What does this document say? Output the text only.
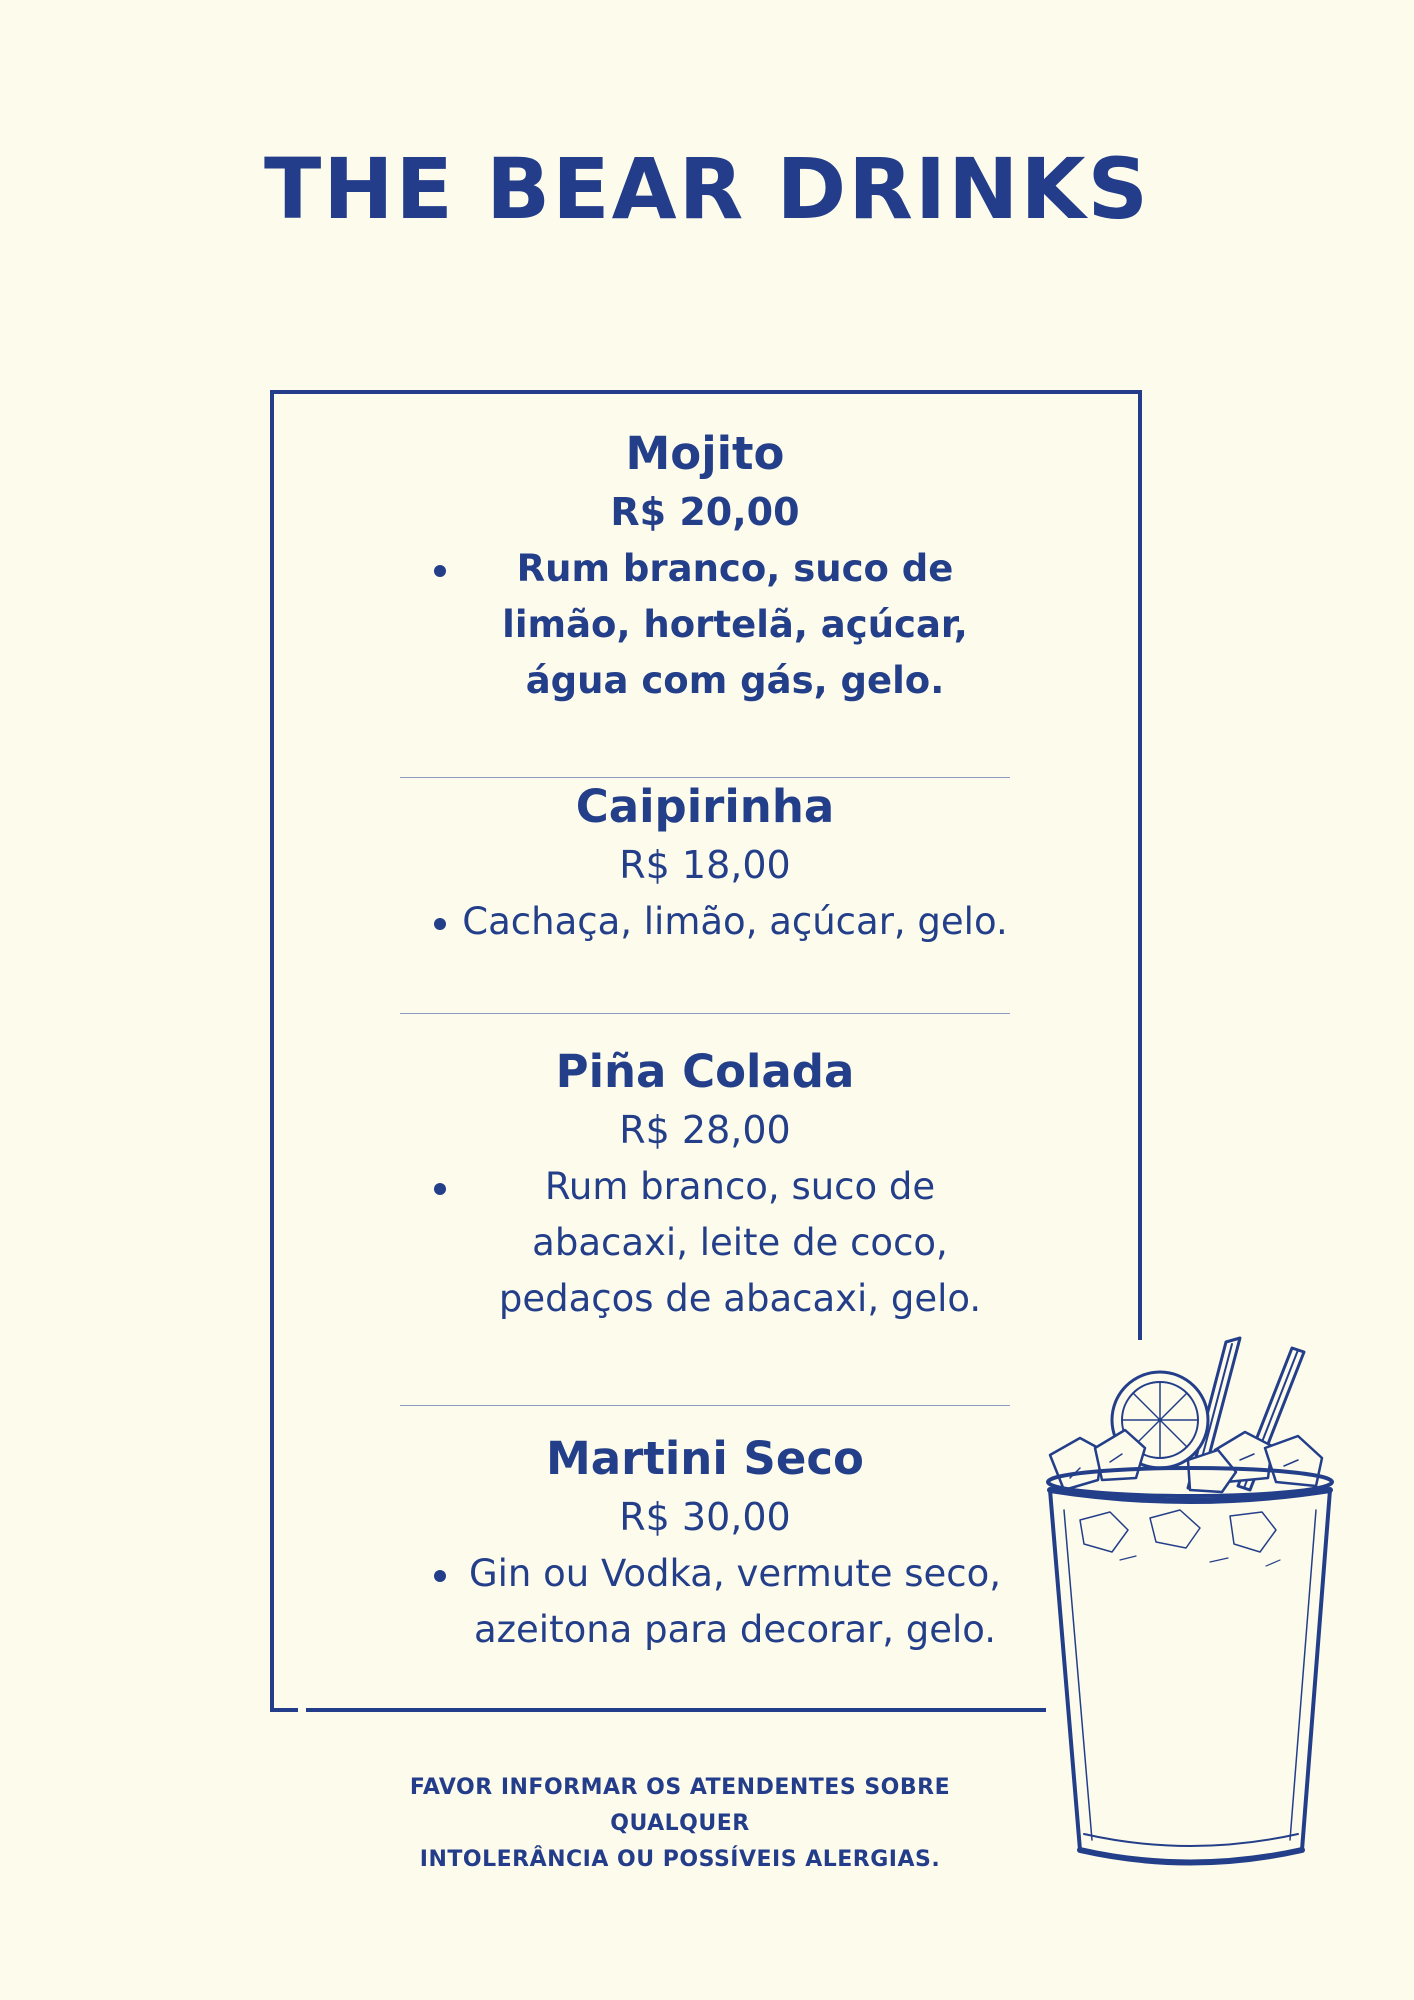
THE BEAR DRINKS
Mojito
R$ 20,00
Rum branco, suco de limão, hortelã, açúcar, água com gás, gelo.
Caipirinha
R$ 18,00
Cachaça, limão, açúcar, gelo.
Piña Colada
R$ 28,00
Rum branco, suco de abacaxi, leite de coco, pedaços de abacaxi, gelo.
Martini Seco
R$ 30,00
Gin ou Vodka, vermute seco, azeitona para decorar, gelo.
FAVOR INFORMAR OS ATENDENTES SOBRE QUALQUER
INTOLERÂNCIA OU POSSÍVEIS ALERGIAS.
